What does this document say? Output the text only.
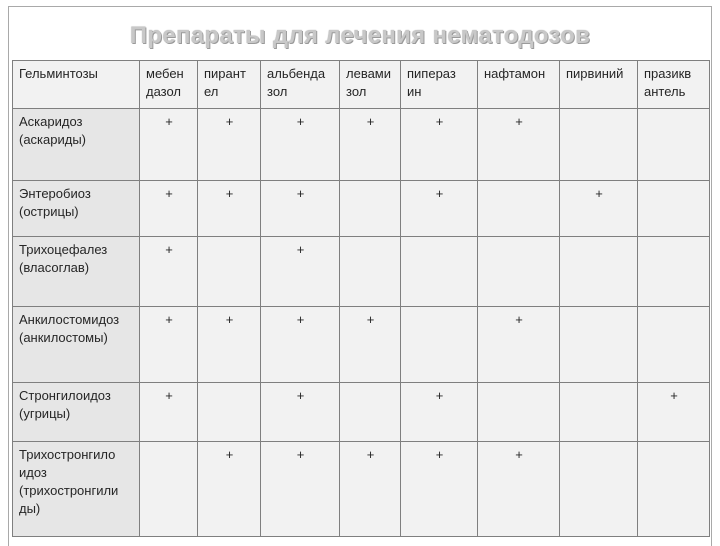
Препараты для лечения нематодозов
Гельминтозы	мебен дазол	пирант ел	альбенда зол	левами зол	пипераз ин	нафтамон	пирвиний	празикв антель
Аскаридоз (аскариды)	+	+	+	+	+	+		
Энтеробиоз (острицы)	+	+	+		+		+	
Трихоцефалез (власоглав)	+		+					
Анкилостомидоз (анкилостомы)	+	+	+	+		+		
Стронгилоидоз (угрицы)	+		+		+			+
Трихостронгило идоз (трихостронгили ды)		+	+	+	+	+		
